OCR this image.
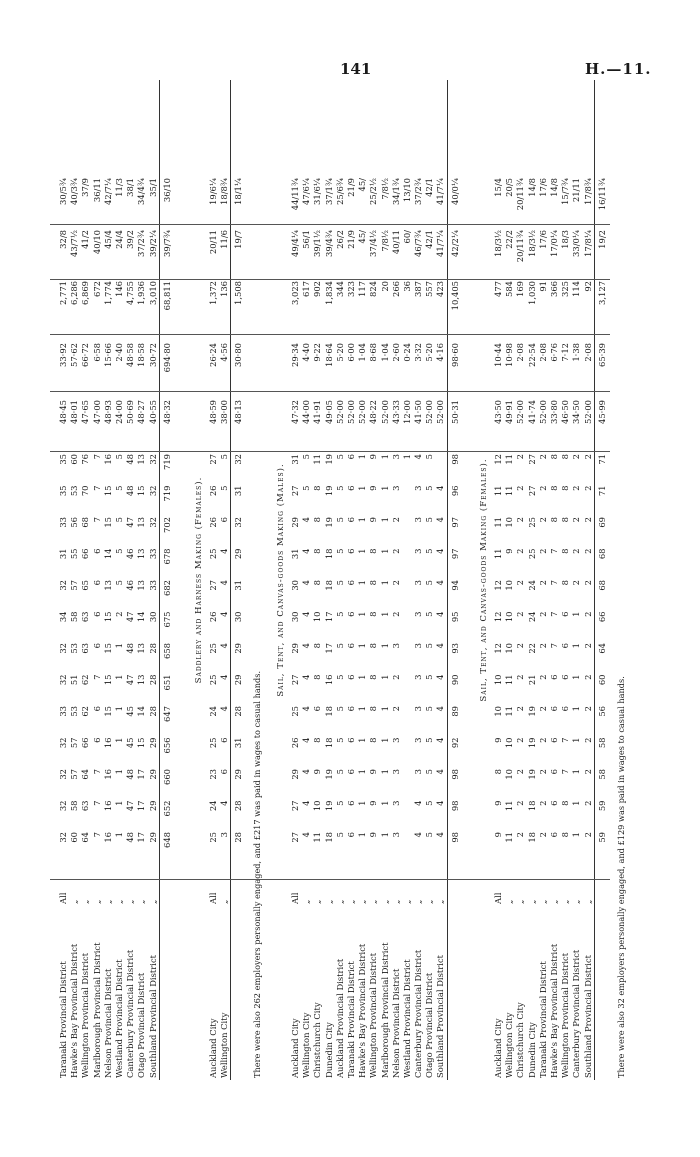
141	H.—11.
Taranaki Provincial District
All
32
32
32
32
33
32
32
34
32
31
33
35
35
48·45
33·92
2,771
32/8
30/5¾
Hawke's Bay Provincial District
„
60
58
57
57
53
51
53
58
57
55
56
53
60
48·01
57·62
6,286
43/7½
40/3¾
Wellington Provincial District
„
64
63
64
66
62
62
63
63
65
66
68
70
76
47·65
66·72
6,869
41/2
37/9
Marlborough Provincial District
„
7
7
7
6
6
7
6
6
6
6
7
7
7
47·00
6·58
672
40/10
36/11
Nelson Provincial District
„
16
16
16
16
15
15
15
15
13
14
15
15
16
48·93
15·66
1,774
45/4
42/7¼
Westland Provincial District
„
1
1
1
1
1
1
1
2
5
5
5
5
5
24·00
2·40
146
24/4
11/3
Canterbury Provincial District
„
48
47
48
45
45
47
48
47
46
46
47
48
48
50·69
48·58
4,755
39/2
38/1
Otago Provincial District
„
17
17
17
15
14
13
13
14
13
13
13
15
13
48·27
18·58
1,936
37/2¾
34/4¾
Southland Provincial District
„
29
29
29
29
28
28
28
30
33
33
32
32
32
40·55
30·72
3,010
39/2¼
35/1
648
652
660
656
647
651
658
675
682
678
702
719
719
48·32
694·80
68,811
39/7¾
36/10
Saddlery and Harness Making (Females).
Auckland City
All
25
24
23
25
24
25
25
26
27
25
26
26
27
48·59
26·24
1,372
20/11
19/6¼
Wellington City
„
3
4
6
6
4
4
4
4
4
4
6
5
5
38·00
4·56
136
11/6
18/8¾
28
28
29
31
28
29
29
30
31
29
32
31
32
48·13
30·80
1,508
19/7
18/1¼
There were also 262 employers personally engaged, and £217 was paid in wages to casual hands.
Sail, Tent, and Canvas-goods Making (Males).
Auckland City
All
27
27
29
26
25
27
29
30
30
31
29
27
31
47·32
29·34
3,023
49/4¼
44/11¾
Wellington City
„
4
4
4
4
4
4
4
4
4
4
4
5
5
44·00
4·40
617
56/1
47/6¼
Christchurch City
„
11
10
9
8
6
8
8
10
8
8
8
8
11
41·91
9·22
902
39/1½
31/6¼
Dunedin City
„
18
19
19
18
18
16
17
17
18
18
19
19
19
49·05
18·64
1,834
39/4¾
37/1¾
Auckland Provincial District
„
5
5
5
5
5
5
5
5
5
5
5
5
5
52·00
5·20
344
26/2
25/6¾
Taranaki Provincial District
„
6
6
6
6
6
6
6
6
6
6
6
6
6
52·00
6·00
323
21/9
21/9
Hawke's Bay Provincial District
„
1
1
1
1
1
1
1
1
1
1
1
1
1
52·00
1·04
117
45/
45/
Wellington Provincial District
„
9
9
9
8
8
8
8
8
8
8
9
9
9
48·22
8·68
824
37/4½
25/2½
Marlborough Provincial District
„
1
1
1
1
1
1
1
1
1
1
1
1
1
52·00
1·04
20
7/8½
7/8½
Nelson Provincial District
„
3
3
3
3
2
2
3
2
2
2
2
3
3
43·33
2·60
266
40/11
34/1¾
Westland Provincial District
„
1
12·00
0·24
36
60/
13/10
Canterbury Provincial District
„
4
4
3
3
3
3
3
3
3
3
3
3
4
41·50
3·32
387
46/7¾
37/2¾
Otago Provincial District
„
5
5
5
5
5
5
5
5
5
5
5
5
5
52·00
5·20
557
42/1
42/1
Southland Provincial District
„
4
4
4
4
4
4
4
4
4
4
4
4
52·00
4·16
423
41/7¼
41/7¼
98
98
98
92
89
90
93
95
94
97
97
96
98
50·31
98·60
10,405
42/2¼
40/0¼
Sail, Tent, and Canvas-goods Making (Females).
Auckland City
All
9
9
8
9
10
10
12
12
12
11
11
11
12
43·50
10·44
477
18/3½
15/4
Wellington City
„
11
11
10
10
11
11
10
10
10
9
10
11
11
49·91
10·98
584
22/2
20/5
Christchurch City
„
2
2
2
2
2
2
2
2
2
2
2
2
2
52·00
2·08
169
20/11¾
20/11¾
Dunedin City
„
18
18
19
19
19
21
22
24
24
25
25
27
27
41·74
22·54
1,030
18/3½
14/8
Taranaki Provincial District
„
2
2
2
2
2
2
2
2
2
2
2
2
2
52·00
2·08
91
17/6
17/6
Hawke's Bay Provincial District
„
6
6
6
6
6
6
7
7
7
7
8
8
8
33·80
6·76
366
17/0¼
14/8
Wellington Provincial District
„
8
8
7
7
6
6
6
6
8
8
8
8
8
46·50
7·12
325
18/3
15/7¾
Canterbury Provincial District
„
1
1
1
1
1
1
1
1
2
2
2
2
2
34·50
1·38
114
33/0¼
21/11
Southland Provincial District
„
2
2
2
2
2
2
2
2
2
2
2
2
2
52·00
2·08
92
17/8¼
17/8¾
59
59
58
58
56
60
64
66
68
68
69
71
71
45·99
65·39
3,127
19/2
16/11¾
There were also 32 employers personally engaged, and £129 was paid in wages to casual hands.
